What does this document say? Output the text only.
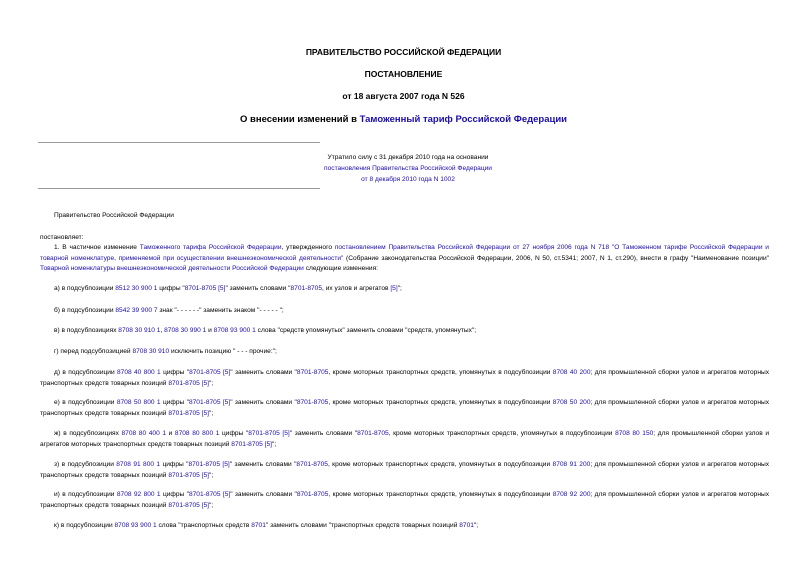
ПРАВИТЕЛЬСТВО РОССИЙСКОЙ ФЕДЕРАЦИИ
ПОСТАНОВЛЕНИЕ
от 18 августа 2007 года N 526
О внесении изменений в Таможенный тариф Российской Федерации
Утратило силу с 31 декабря 2010 года на основании
постановления Правительства Российской Федерации
от 8 декабря 2010 года N 1002
Правительство Российской Федерации
постановляет:
1. В частичное изменение Таможенного тарифа Российской Федерации, утвержденного постановлением Правительства Российской Федерации от 27 ноября 2006 года N 718 "О Таможенном тарифе Российской Федерации и товарной номенклатуре, применяемой при осуществлении внешнеэкономической деятельности" (Собрание законодательства Российской Федерации, 2006, N 50, ст.5341; 2007, N 1, ст.290), внести в графу "Наименование позиции" Товарной номенклатуры внешнеэкономической деятельности Российской Федерации следующие изменения:
а) в подсубпозиции 8512 30 900 1 цифры "8701-8705 [5]" заменить словами "8701-8705, их узлов и агрегатов [5]";
б) в подсубпозиции 8542 39 900 7 знак "- - - - - -" заменить знаком "- - - - - ";
в) в подсубпозициях 8708 30 910 1, 8708 30 990 1 и 8708 93 900 1 слова "средств упомянутых" заменить словами "средств, упомянутых";
г) перед подсубпозицией 8708 30 910 исключить позицию " - - - прочие:";
д) в подсубпозиции 8708 40 800 1 цифры "8701-8705 [5]" заменить словами "8701-8705, кроме моторных транспортных средств, упомянутых в подсубпозиции 8708 40 200; для промышленной сборки узлов и агрегатов моторных транспортных средств товарных позиций 8701-8705 [5]";
е) в подсубпозиции 8708 50 800 1 цифры "8701-8705 [5]" заменить словами "8701-8705, кроме моторных транспортных средств, упомянутых в подсубпозиции 8708 50 200; для промышленной сборки узлов и агрегатов моторных транспортных средств товарных позиций 8701-8705 [5]";
ж) в подсубпозициях 8708 80 400 1 и 8708 80 800 1 цифры "8701-8705 [5]" заменить словами "8701-8705, кроме моторных транспортных средств, упомянутых в подсубпозиции 8708 80 150; для промышленной сборки узлов и агрегатов моторных транспортных средств товарных позиций 8701-8705 [5]";
з) в подсубпозиции 8708 91 800 1 цифры "8701-8705 [5]" заменить словами "8701-8705, кроме моторных транспортных средств, упомянутых в подсубпозиции 8708 91 200; для промышленной сборки узлов и агрегатов моторных транспортных средств товарных позиций 8701-8705 [5]";
и) в подсубпозиции 8708 92 800 1 цифры "8701-8705 [5]" заменить словами "8701-8705, кроме моторных транспортных средств, упомянутых в подсубпозиции 8708 92 200; для промышленной сборки узлов и агрегатов моторных транспортных средств товарных позиций 8701-8705 [5]";
к) в подсубпозиции 8708 93 900 1 слова "транспортных средств 8701" заменить словами "транспортных средств товарных позиций 8701";
